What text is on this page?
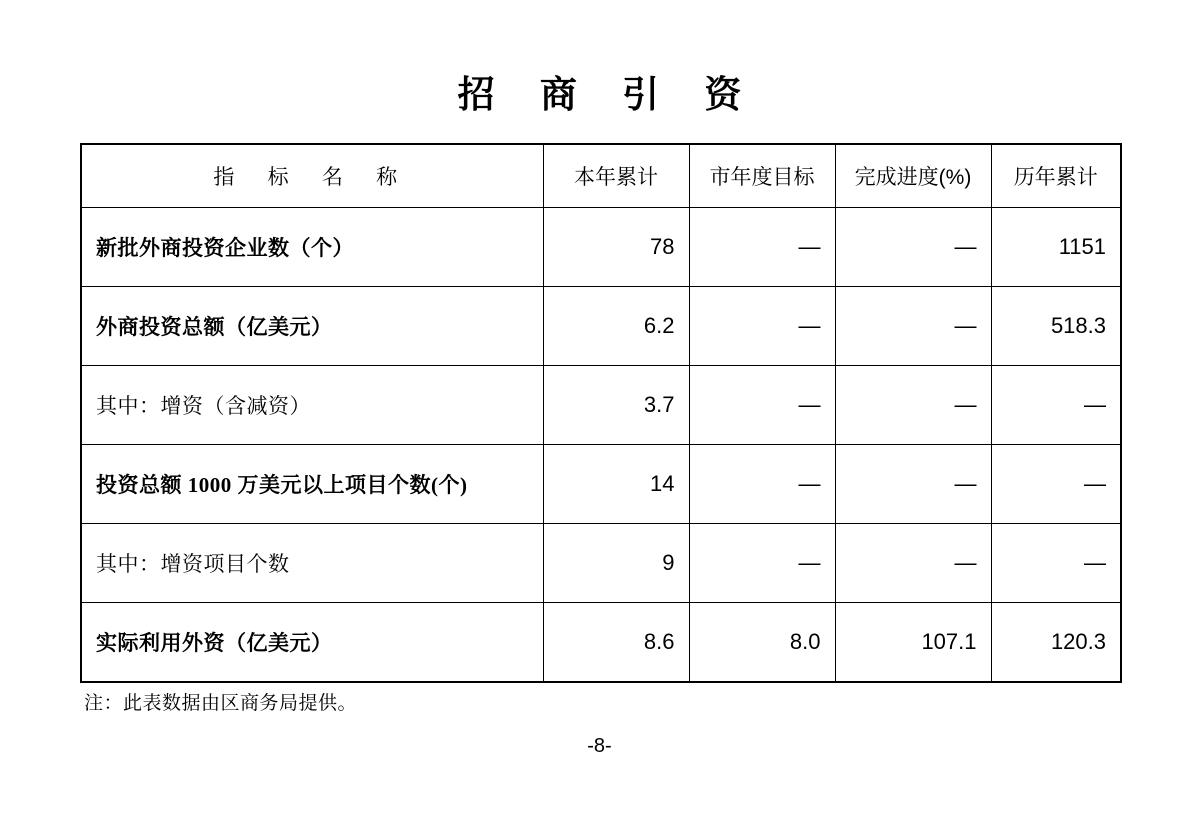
招 商 引 资
指 标 名 称	本年累计	市年度目标	完成进度(%)	历年累计
新批外商投资企业数（个）	78	—	—	1151
外商投资总额（亿美元）	6.2	—	—	518.3
其中：增资（含减资）	3.7	—	—	—
投资总额 1000 万美元以上项目个数(个)	14	—	—	—
其中：增资项目个数	9	—	—	—
实际利用外资（亿美元）	8.6	8.0	107.1	120.3
注：此表数据由区商务局提供。
-8-
